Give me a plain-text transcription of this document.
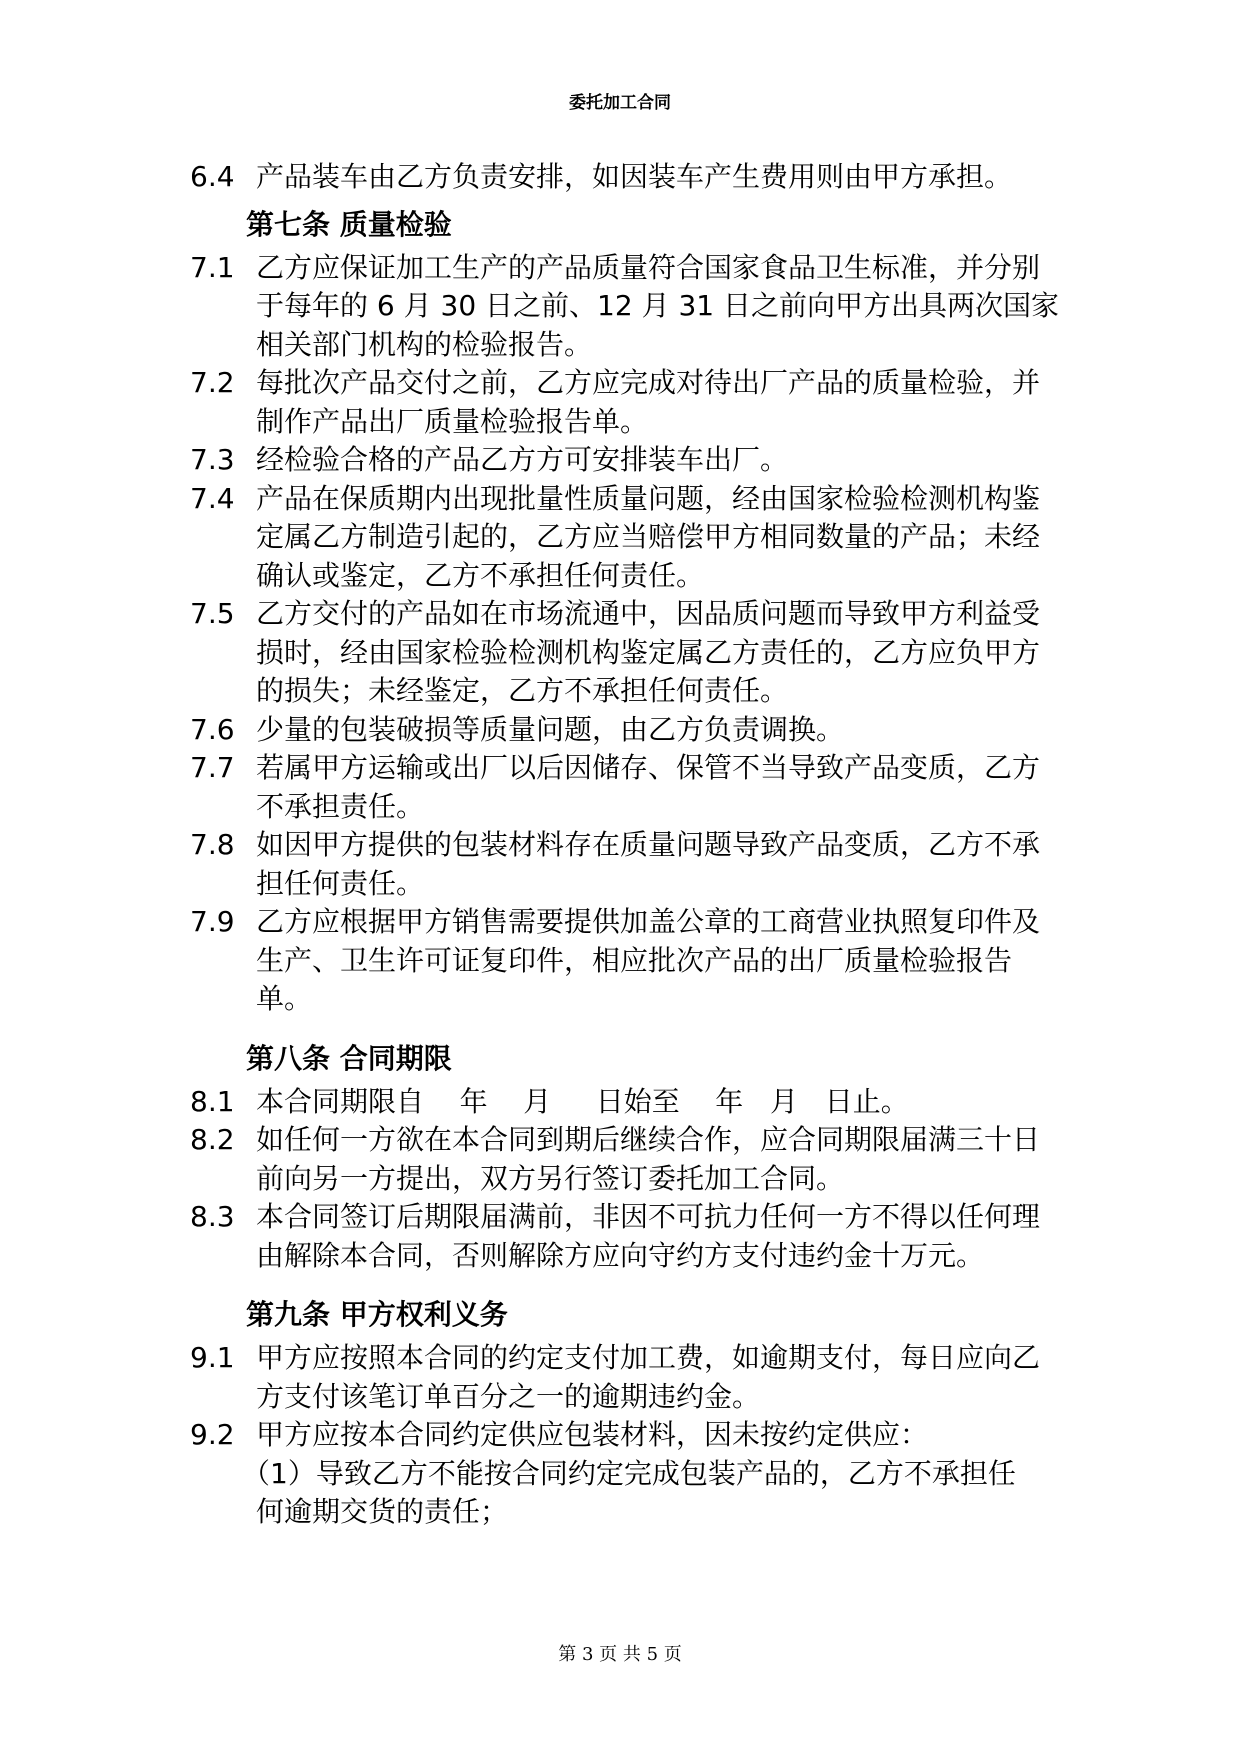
委托加工合同
6.4 产品装车由乙方负责安排，如因装车产生费用则由甲方承担。
第七条 质量检验
7.1 乙方应保证加工生产的产品质量符合国家食品卫生标准，并分别于每年的 6 月 30 日之前、12 月 31 日之前向甲方出具两次国家相关部门机构的检验报告。
7.2 每批次产品交付之前，乙方应完成对待出厂产品的质量检验，并制作产品出厂质量检验报告单。
7.3 经检验合格的产品乙方方可安排装车出厂。
7.4 产品在保质期内出现批量性质量问题，经由国家检验检测机构鉴定属乙方制造引起的，乙方应当赔偿甲方相同数量的产品；未经确认或鉴定，乙方不承担任何责任。
7.5 乙方交付的产品如在市场流通中，因品质问题而导致甲方利益受损时，经由国家检验检测机构鉴定属乙方责任的，乙方应负甲方的损失；未经鉴定，乙方不承担任何责任。
7.6 少量的包装破损等质量问题，由乙方负责调换。
7.7 若属甲方运输或出厂以后因储存、保管不当导致产品变质，乙方不承担责任。
7.8 如因甲方提供的包装材料存在质量问题导致产品变质，乙方不承担任何责任。
7.9 乙方应根据甲方销售需要提供加盖公章的工商营业执照复印件及生产、卫生许可证复印件，相应批次产品的出厂质量检验报告单。
第八条 合同期限
8.1 本合同期限自    年    月     日始至    年   月   日止。
8.2 如任何一方欲在本合同到期后继续合作，应合同期限届满三十日前向另一方提出，双方另行签订委托加工合同。
8.3 本合同签订后期限届满前，非因不可抗力任何一方不得以任何理由解除本合同，否则解除方应向守约方支付违约金十万元。
第九条 甲方权利义务
9.1 甲方应按照本合同的约定支付加工费，如逾期支付，每日应向乙方支付该笔订单百分之一的逾期违约金。
9.2 甲方应按本合同约定供应包装材料，因未按约定供应：
（1）导致乙方不能按合同约定完成包装产品的，乙方不承担任
何逾期交货的责任；
第 3 页 共 5 页
